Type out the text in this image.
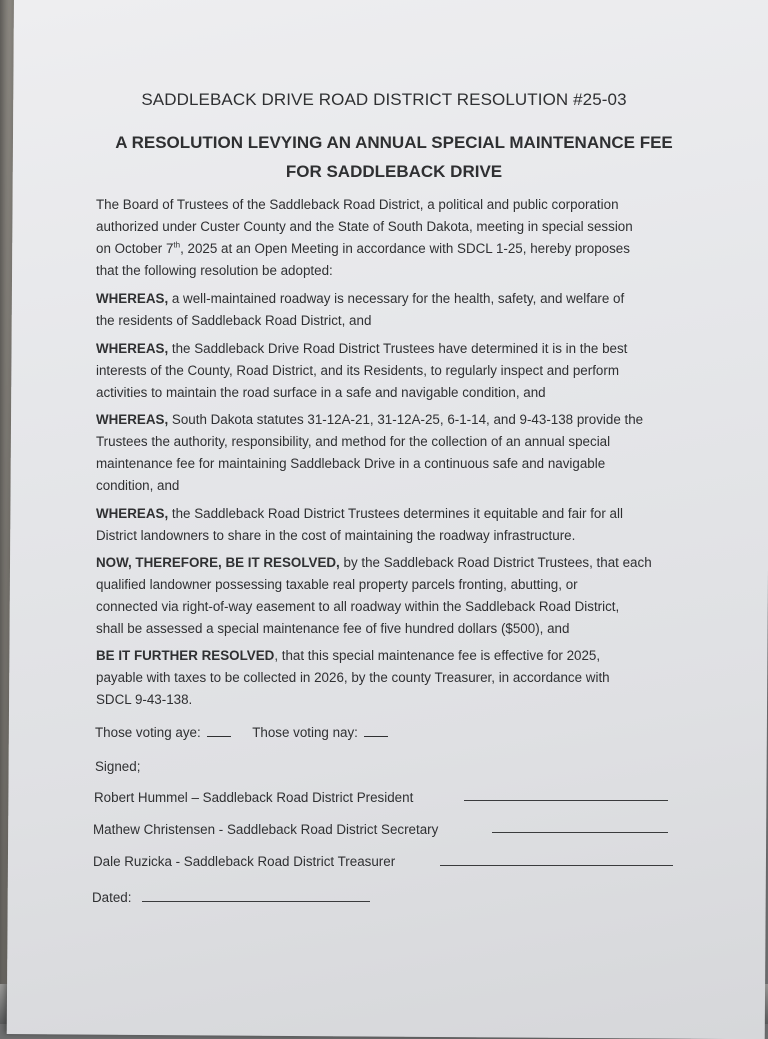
SADDLEBACK DRIVE ROAD DISTRICT RESOLUTION #25-03
A RESOLUTION LEVYING AN ANNUAL SPECIAL MAINTENANCE FEE
FOR SADDLEBACK DRIVE
The Board of Trustees of the Saddleback Road District, a political and public corporation
authorized under Custer County and the State of South Dakota, meeting in special session
on October 7th, 2025 at an Open Meeting in accordance with SDCL 1-25, hereby proposes
that the following resolution be adopted:
WHEREAS, a well-maintained roadway is necessary for the health, safety, and welfare of
the residents of Saddleback Road District, and
WHEREAS, the Saddleback Drive Road District Trustees have determined it is in the best
interests of the County, Road District, and its Residents, to regularly inspect and perform
activities to maintain the road surface in a safe and navigable condition, and
WHEREAS, South Dakota statutes 31-12A-21, 31-12A-25, 6-1-14, and 9-43-138 provide the
Trustees the authority, responsibility, and method for the collection of an annual special
maintenance fee for maintaining Saddleback Drive in a continuous safe and navigable
condition, and
WHEREAS, the Saddleback Road District Trustees determines it equitable and fair for all
District landowners to share in the cost of maintaining the roadway infrastructure.
NOW, THEREFORE, BE IT RESOLVED, by the Saddleback Road District Trustees, that each
qualified landowner possessing taxable real property parcels fronting, abutting, or
connected via right-of-way easement to all roadway within the Saddleback Road District,
shall be assessed a special maintenance fee of five hundred dollars ($500), and
BE IT FURTHER RESOLVED, that this special maintenance fee is effective for 2025,
payable with taxes to be collected in 2026, by the county Treasurer, in accordance with
SDCL 9-43-138.
Those voting aye:	Those voting nay:
Signed;
Robert Hummel – Saddleback Road District President
Mathew Christensen - Saddleback Road District Secretary
Dale Ruzicka - Saddleback Road District Treasurer
Dated:
